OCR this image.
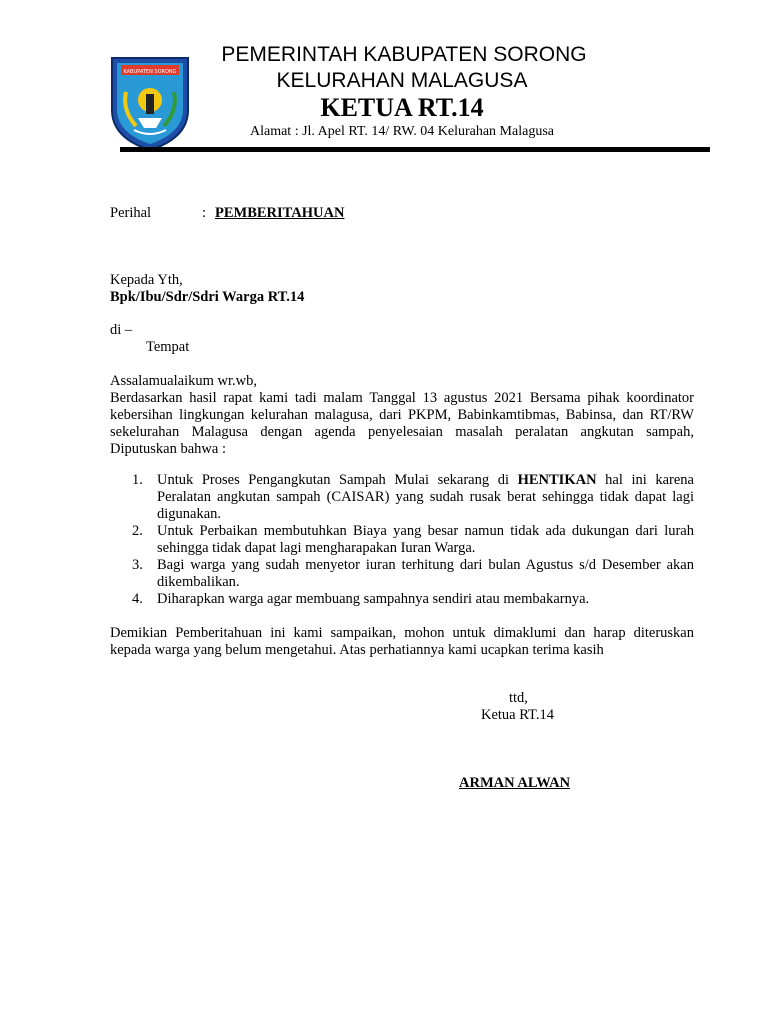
KABUPATEN SORONG
PEMERINTAH KABUPATEN SORONG
KELURAHAN MALAGUSA
KETUA RT.14
Alamat : Jl. Apel RT. 14/ RW. 04 Kelurahan Malagusa
Perihal	: PEMBERITAHUAN
Kepada Yth,
Bpk/Ibu/Sdr/Sdri Warga RT.14
di –
Tempat
Assalamualaikum wr.wb,
Berdasarkan hasil rapat kami tadi malam Tanggal 13 agustus 2021 Bersama pihak koordinator kebersihan lingkungan kelurahan malagusa, dari PKPM, Babinkamtibmas, Babinsa, dan RT/RW sekelurahan Malagusa dengan agenda penyelesaian masalah peralatan angkutan sampah, Diputuskan bahwa :
1. Untuk Proses Pengangkutan Sampah Mulai sekarang di HENTIKAN hal ini karena Peralatan angkutan sampah (CAISAR) yang sudah rusak berat sehingga tidak dapat lagi digunakan.
2. Untuk Perbaikan membutuhkan Biaya yang besar namun tidak ada dukungan dari lurah sehingga tidak dapat lagi mengharapakan Iuran Warga.
3. Bagi warga yang sudah menyetor iuran terhitung dari bulan Agustus s/d Desember akan dikembalikan.
4. Diharapkan warga agar membuang sampahnya sendiri atau membakarnya.
Demikian Pemberitahuan ini kami sampaikan, mohon untuk dimaklumi dan harap diteruskan kepada warga yang belum mengetahui. Atas perhatiannya kami ucapkan terima kasih
ttd,
Ketua RT.14
ARMAN ALWAN
